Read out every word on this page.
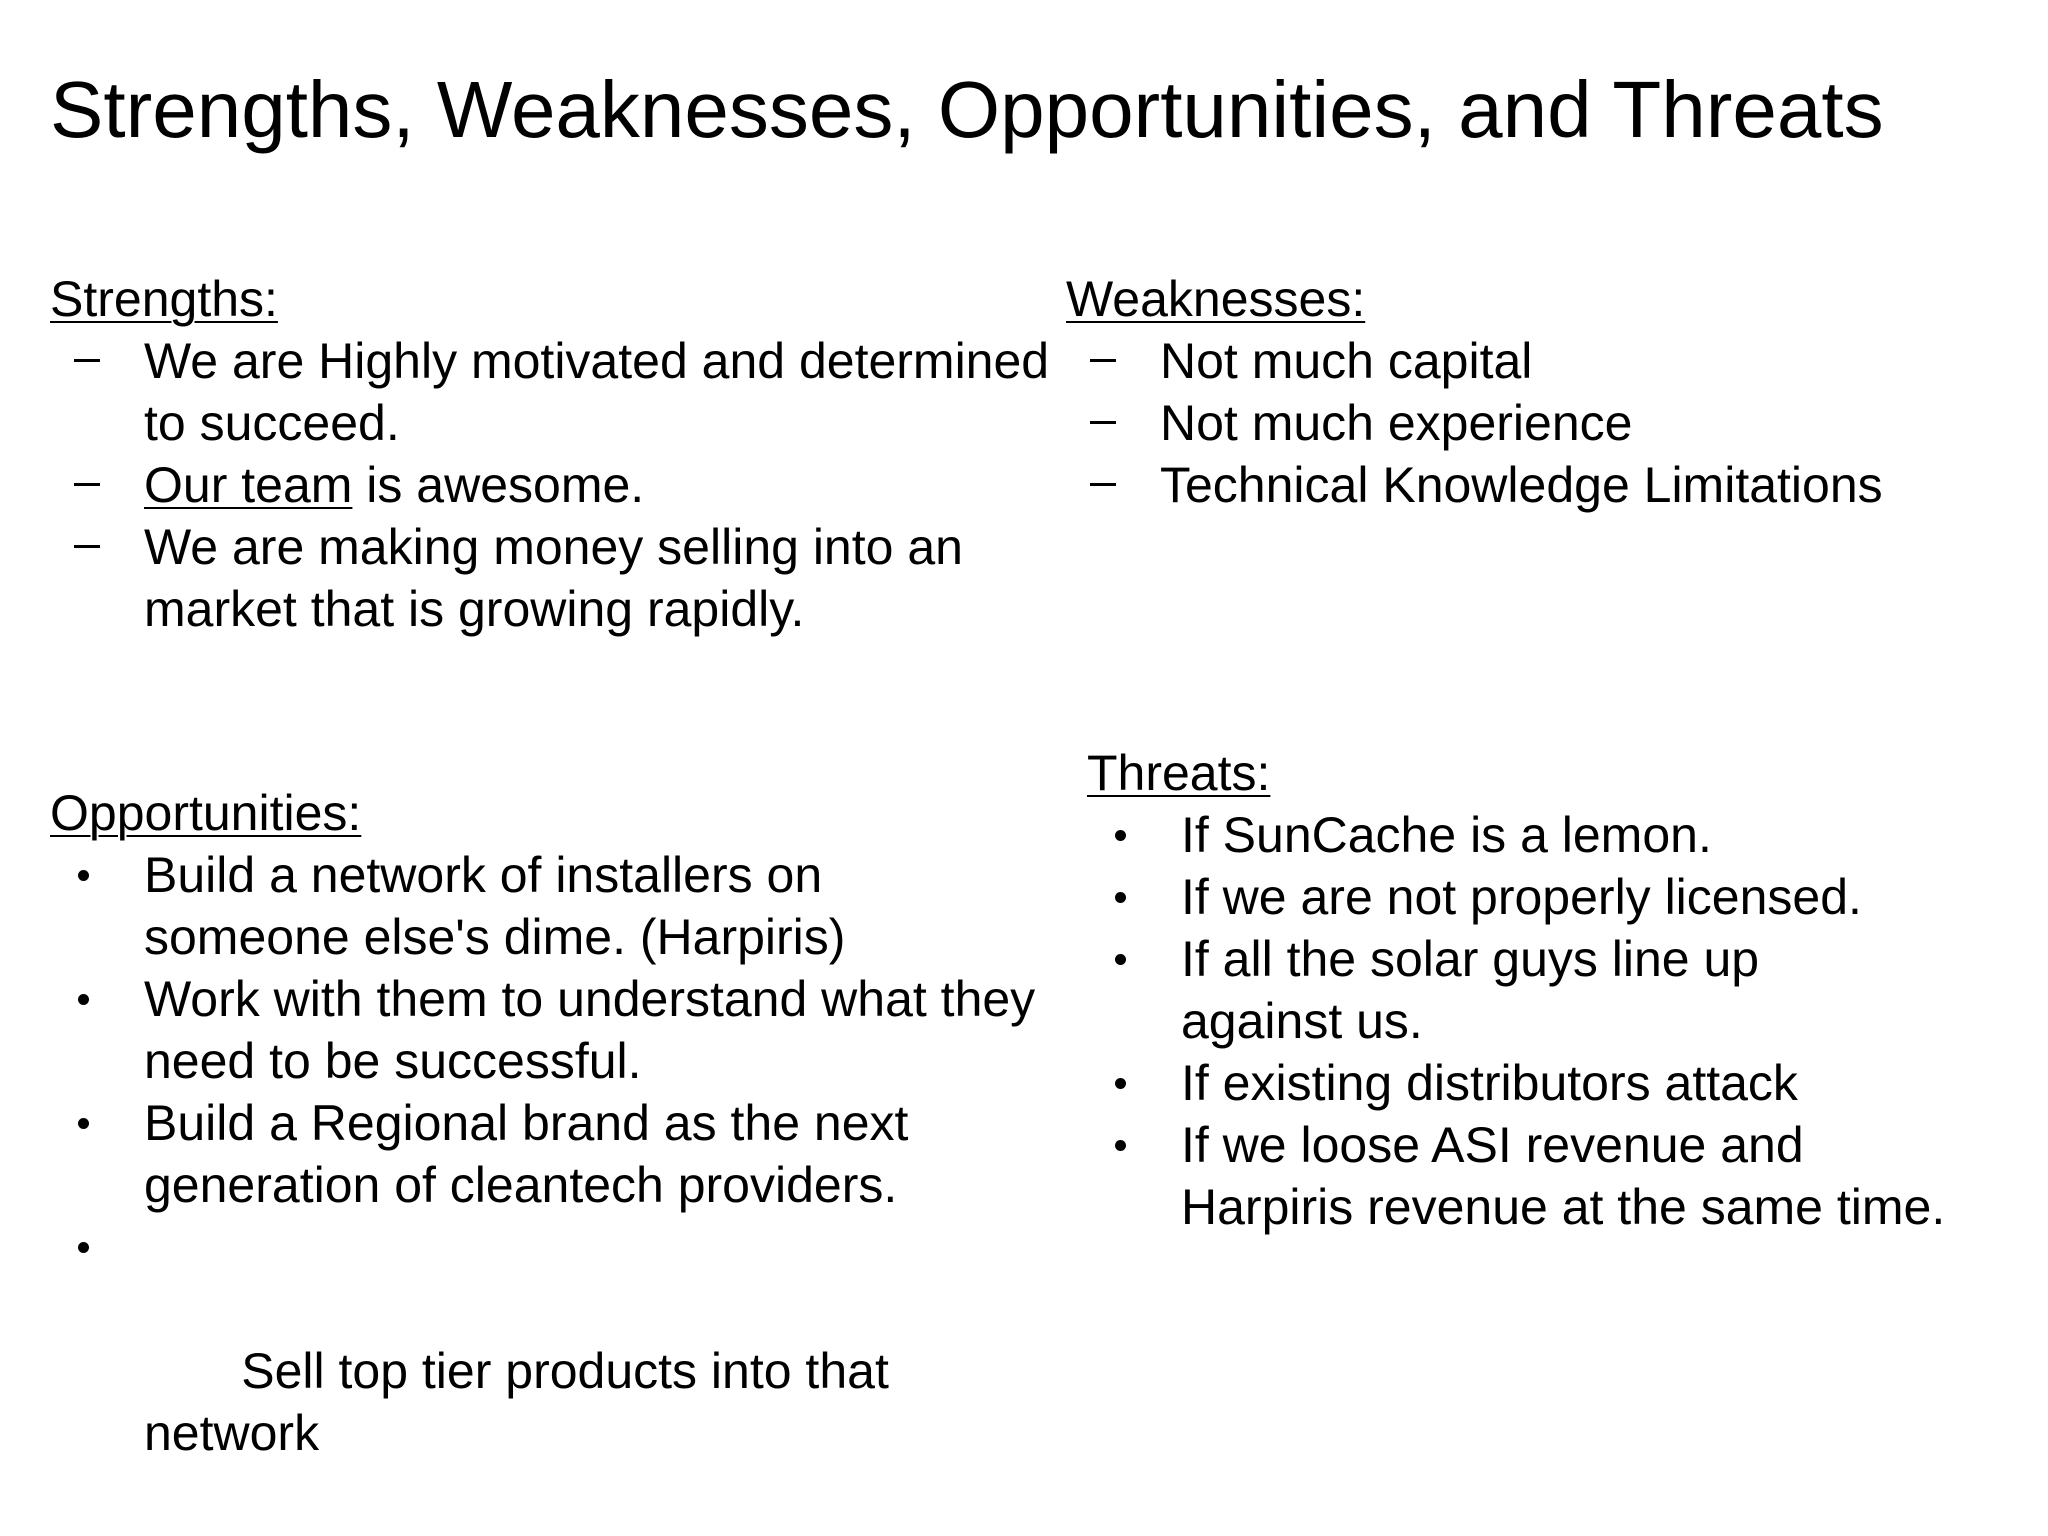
Strengths, Weaknesses, Opportunities, and Threats
Strengths:
We are Highly motivated and determined to succeed.
Our team is awesome.
We are making money selling into an market that is growing rapidly.
Weaknesses:
Not much capital
Not much experience
Technical Knowledge Limitations
Opportunities:
Build a network of installers on someone else's dime. (Harpiris)
Work with them to understand what they need to be successful.
Build a Regional brand as the next generation of cleantech providers.

Sell top tier products into that network

Threats:
If SunCache is a lemon.
If we are not properly licensed.
If all the solar guys line up against us.
If existing distributors attack
If we loose ASI revenue and Harpiris revenue at the same time.
